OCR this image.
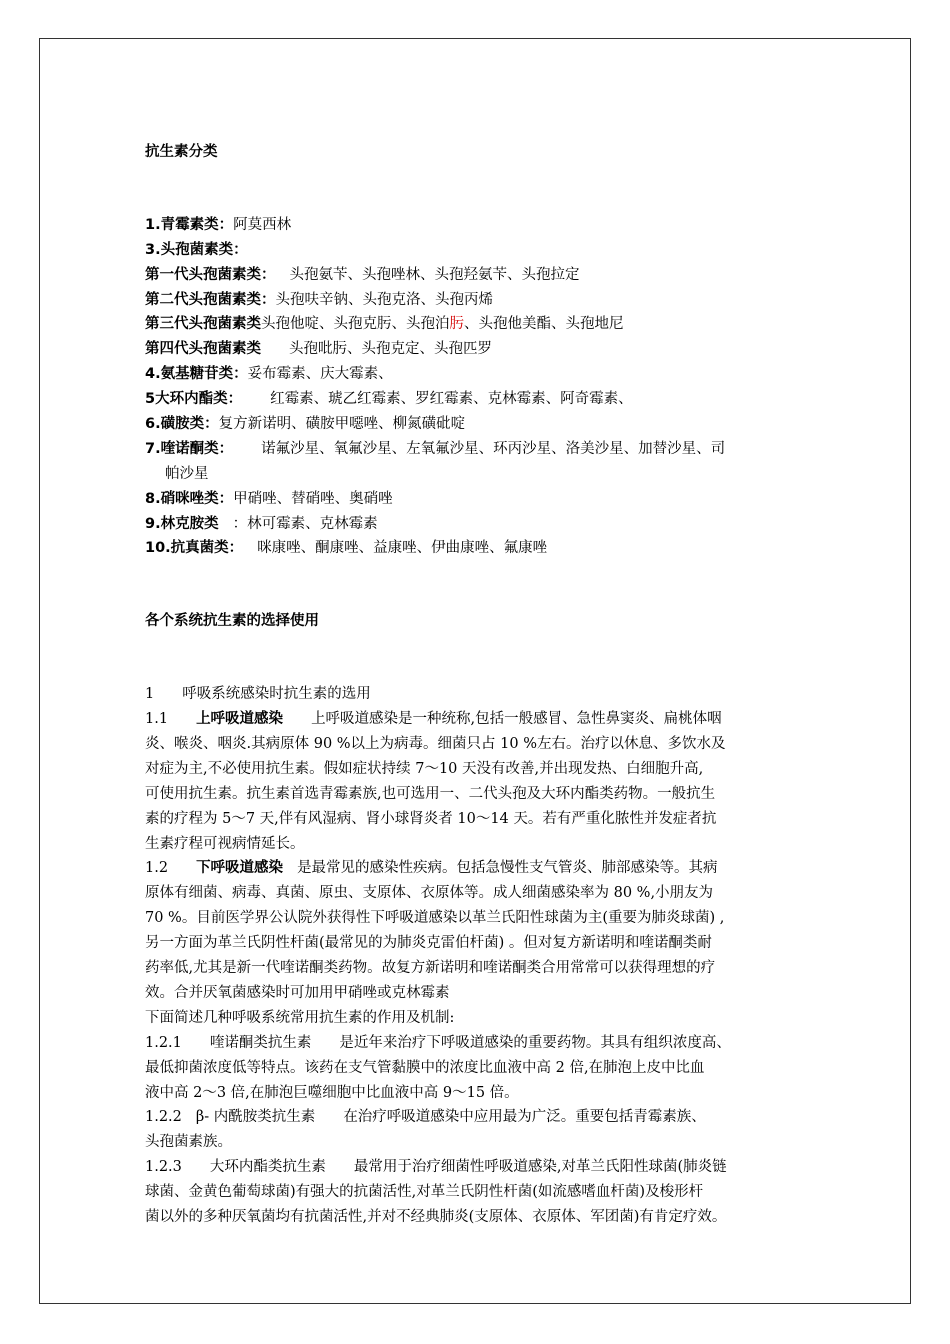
抗生素分类
1.青霉素类：阿莫西林
3.头孢菌素类：
第一代头孢菌素类： 头孢氨苄、头孢唑林、头孢羟氨苄、头孢拉定
第二代头孢菌素类：头孢呋辛钠、头孢克洛、头孢丙烯
第三代头孢菌素类头孢他啶、头孢克肟、头孢泊肟、头孢他美酯、头孢地尼
第四代头孢菌素类 头孢吡肟、头孢克定、头孢匹罗
4.氨基糖苷类：妥布霉素、庆大霉素、
5大环内酯类： 红霉素、琥乙红霉素、罗红霉素、克林霉素、阿奇霉素、
6.磺胺类：复方新诺明、磺胺甲噁唑、柳氮磺砒啶
7.喹诺酮类： 诺氟沙星、氧氟沙星、左氧氟沙星、环丙沙星、洛美沙星、加替沙星、司
帕沙星
8.硝咪唑类：甲硝唑、替硝唑、奥硝唑
9.林克胺类 ：林可霉素、克林霉素
10.抗真菌类： 咪康唑、酮康唑、益康唑、伊曲康唑、氟康唑
各个系统抗生素的选择使用
1 呼吸系统感染时抗生素的选用
1.1 上呼吸道感染 上呼吸道感染是一种统称,包括一般感冒、急性鼻窦炎、扁桃体咽
炎、喉炎、咽炎.其病原体 90 %以上为病毒。细菌只占 10 %左右。治疗以休息、多饮水及
对症为主,不必使用抗生素。假如症状持续 7～10 天没有改善,并出现发热、白细胞升高,
可使用抗生素。抗生素首选青霉素族,也可选用一、二代头孢及大环内酯类药物。一般抗生
素的疗程为 5～7 天,伴有风湿病、肾小球肾炎者 10～14 天。若有严重化脓性并发症者抗
生素疗程可视病情延长。
1.2 下呼吸道感染 是最常见的感染性疾病。包括急慢性支气管炎、肺部感染等。其病
原体有细菌、病毒、真菌、原虫、支原体、衣原体等。成人细菌感染率为 80 %,小朋友为
70 %。目前医学界公认院外获得性下呼吸道感染以革兰氏阳性球菌为主(重要为肺炎球菌) ,
另一方面为革兰氏阴性杆菌(最常见的为肺炎克雷伯杆菌) 。但对复方新诺明和喹诺酮类耐
药率低,尤其是新一代喹诺酮类药物。故复方新诺明和喹诺酮类合用常常可以获得理想的疗
效。合并厌氧菌感染时可加用甲硝唑或克林霉素
下面简述几种呼吸系统常用抗生素的作用及机制:
1.2.1 喹诺酮类抗生素 是近年来治疗下呼吸道感染的重要药物。其具有组织浓度高、
最低抑菌浓度低等特点。该药在支气管黏膜中的浓度比血液中高 2 倍,在肺泡上皮中比血
液中高 2～3 倍,在肺泡巨噬细胞中比血液中高 9～15 倍。
1.2.2 β- 内酰胺类抗生素 在治疗呼吸道感染中应用最为广泛。重要包括青霉素族、
头孢菌素族。
1.2.3 大环内酯类抗生素 最常用于治疗细菌性呼吸道感染,对革兰氏阳性球菌(肺炎链
球菌、金黄色葡萄球菌)有强大的抗菌活性,对革兰氏阴性杆菌(如流感嗜血杆菌)及梭形杆
菌以外的多种厌氧菌均有抗菌活性,并对不经典肺炎(支原体、衣原体、军团菌)有肯定疗效。
